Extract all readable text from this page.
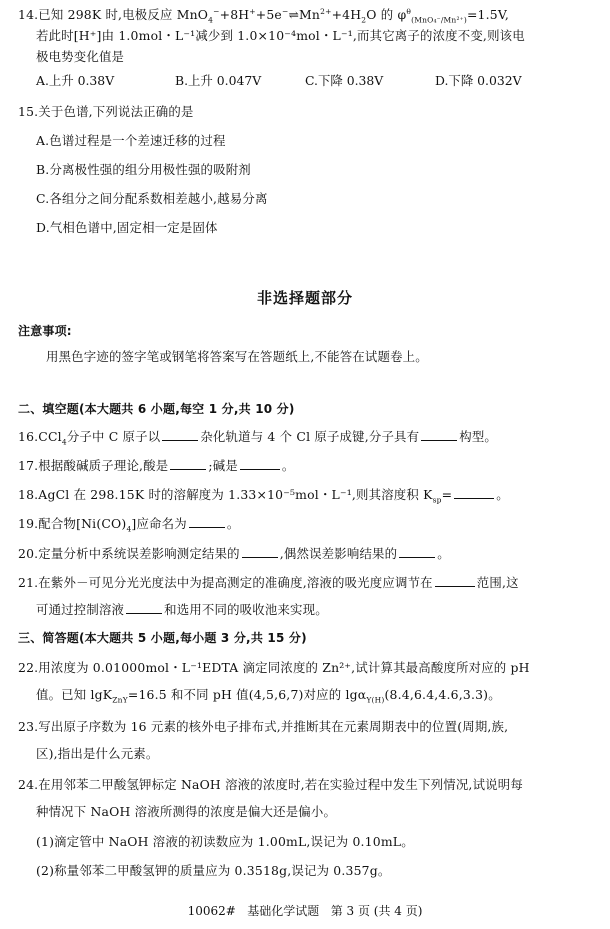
14.已知 298K 时,电极反应 $MnO_4^-+8H^++5e^-\rightleftharpoons Mn^{2+}+4H_2O$ 的 $\varphi^\theta_{(MnO_4^-/Mn^{2+})}=1.5V$,
若此时[H⁺]由 1.0mol・L⁻¹减少到 1.0×10⁻⁴mol・L⁻¹,而其它离子的浓度不变,则该电
极电势变化值是
A.上升 0.38V	B.上升 0.047V	C.下降 0.38V	D.下降 0.032V
15.关于色谱,下列说法正确的是
A.色谱过程是一个差速迁移的过程
B.分离极性强的组分用极性强的吸附剂
C.各组分之间分配系数相差越小,越易分离
D.气相色谱中,固定相一定是固体
非选择题部分
注意事项:
用黑色字迹的签字笔或钢笔将答案写在答题纸上,不能答在试题卷上。
二、填空题(本大题共 6 小题,每空 1 分,共 10 分)
16.CCl$_4$分子中 C 原子以	杂化轨道与 4 个 Cl 原子成键,分子具有	构型。
17.根据酸碱质子理论,酸是	;碱是	。
18.AgCl 在 298.15K 时的溶解度为 1.33×10⁻⁵mol・L⁻¹,则其溶度积 $K_{sp}=$	。
19.配合物$[Ni(CO)_4]$应命名为	。
20.定量分析中系统误差影响测定结果的	,偶然误差影响结果的	。
21.在紫外－可见分光光度法中为提高测定的准确度,溶液的吸光度应调节在	范围,这
可通过控制溶液	和选用不同的吸收池来实现。
三、简答题(本大题共 5 小题,每小题 3 分,共 15 分)
22.用浓度为 0.01000mol・L⁻¹EDTA 滴定同浓度的 Zn²⁺,试计算其最高酸度所对应的 pH
值。已知 lgK$_{ZnY}$=16.5 和不同 pH 值(4,5,6,7)对应的 lgα$_{Y(H)}$(8.4,6.4,4.6,3.3)。
23.写出原子序数为 16 元素的核外电子排布式,并推断其在元素周期表中的位置(周期,族,
区),指出是什么元素。
24.在用邻苯二甲酸氢钾标定 NaOH 溶液的浓度时,若在实验过程中发生下列情况,试说明每
种情况下 NaOH 溶液所测得的浓度是偏大还是偏小。
(1)滴定管中 NaOH 溶液的初读数应为 1.00mL,误记为 0.10mL。
(2)称量邻苯二甲酸氢钾的质量应为 0.3518g,误记为 0.357g。
10062#   基础化学试题   第 3 页 (共 4 页)
